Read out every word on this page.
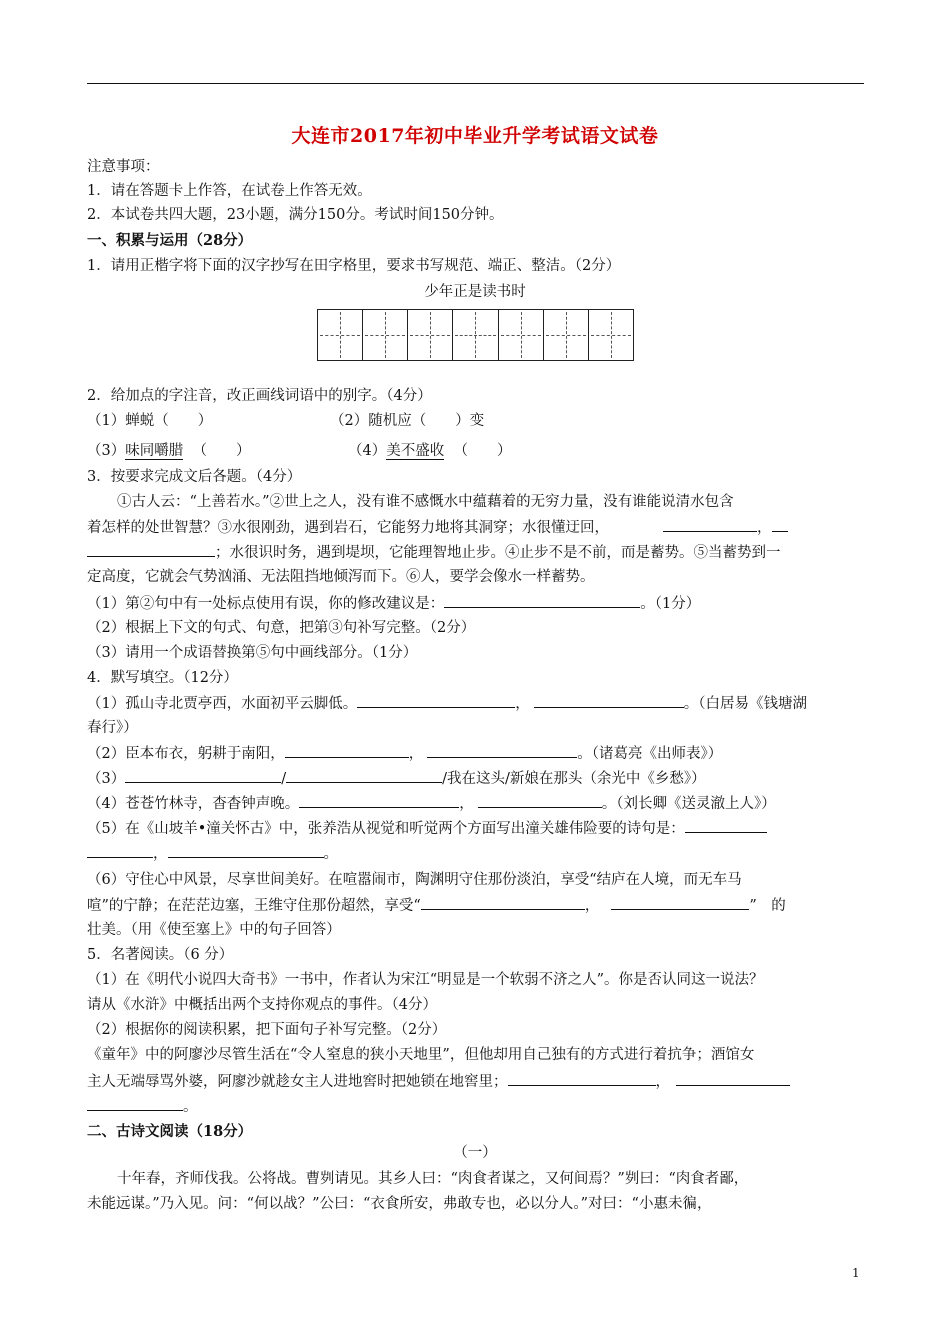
大连市2017年初中毕业升学考试语文试卷
注意事项：
1．请在答题卡上作答，在试卷上作答无效。
2．本试卷共四大题，23小题，满分150分。考试时间150分钟。
一、积累与运用（28分）
1．请用正楷字将下面的汉字抄写在田字格里，要求书写规范、端正、整洁。（2分）
少年正是读书时
2．给加点的字注音，改正画线词语中的别字。（4分）
（1）蝉蜕（　　）	（2）随机应（　　）变
（3）味同嚼腊 （　　）	（4）美不盛收 （　　）
3．按要求完成文后各题。（4分）
①古人云：“上善若水。”②世上之人，没有谁不感慨水中蕴藉着的无穷力量，没有谁能说清水包含
着怎样的处世智慧？③水很刚劲，遇到岩石，它能努力地将其洞穿；水很懂迂回，	，
；水很识时务，遇到堤坝，它能理智地止步。④止步不是不前，而是蓄势。⑤当蓄势到一
定高度，它就会气势汹涌、无法阻挡地倾泻而下。⑥人，要学会像水一样蓄势。
（1）第②句中有一处标点使用有误，你的修改建议是：	。（1分）
（2）根据上下文的句式、句意，把第③句补写完整。（2分）
（3）请用一个成语替换第⑤句中画线部分。（1分）
4．默写填空。（12分）
（1）孤山寺北贾亭西，水面初平云脚低。	，	。（白居易《钱塘湖
春行》）
（2）臣本布衣，躬耕于南阳，	，	。（诸葛亮《出师表》）
（3）	/	/我在这头/新娘在那头（余光中《乡愁》）
（4）苍苍竹林寺，杳杳钟声晚。	，	。（刘长卿《送灵澈上人》）
（5）在《山坡羊•潼关怀古》中，张养浩从视觉和听觉两个方面写出潼关雄伟险要的诗句是：
，	。
（6）守住心中风景，尽享世间美好。在喧嚣闹市，陶渊明守住那份淡泊，享受“结庐在人境，而无车马
喧”的宁静；在茫茫边塞，王维守住那份超然，享受“	，	”　的
壮美。（用《使至塞上》中的句子回答）
5．名著阅读。（6 分）
（1）在《明代小说四大奇书》一书中，作者认为宋江“明显是一个软弱不济之人”。你是否认同这一说法？
请从《水浒》中概括出两个支持你观点的事件。（4分）
（2）根据你的阅读积累，把下面句子补写完整。（2分）
《童年》中的阿廖沙尽管生活在“令人窒息的狭小天地里”，但他却用自己独有的方式进行着抗争；酒馆女
主人无端辱骂外婆，阿廖沙就趁女主人进地窖时把她锁在地窖里；	，
。
二、古诗文阅读（18分）
（一）
十年春，齐师伐我。公将战。曹刿请见。其乡人曰：“肉食者谋之，又何间焉？”刿曰：“肉食者鄙，
未能远谋。”乃入见。问：“何以战？”公曰：“衣食所安，弗敢专也，必以分人。”对曰：“小惠未徧，
1
